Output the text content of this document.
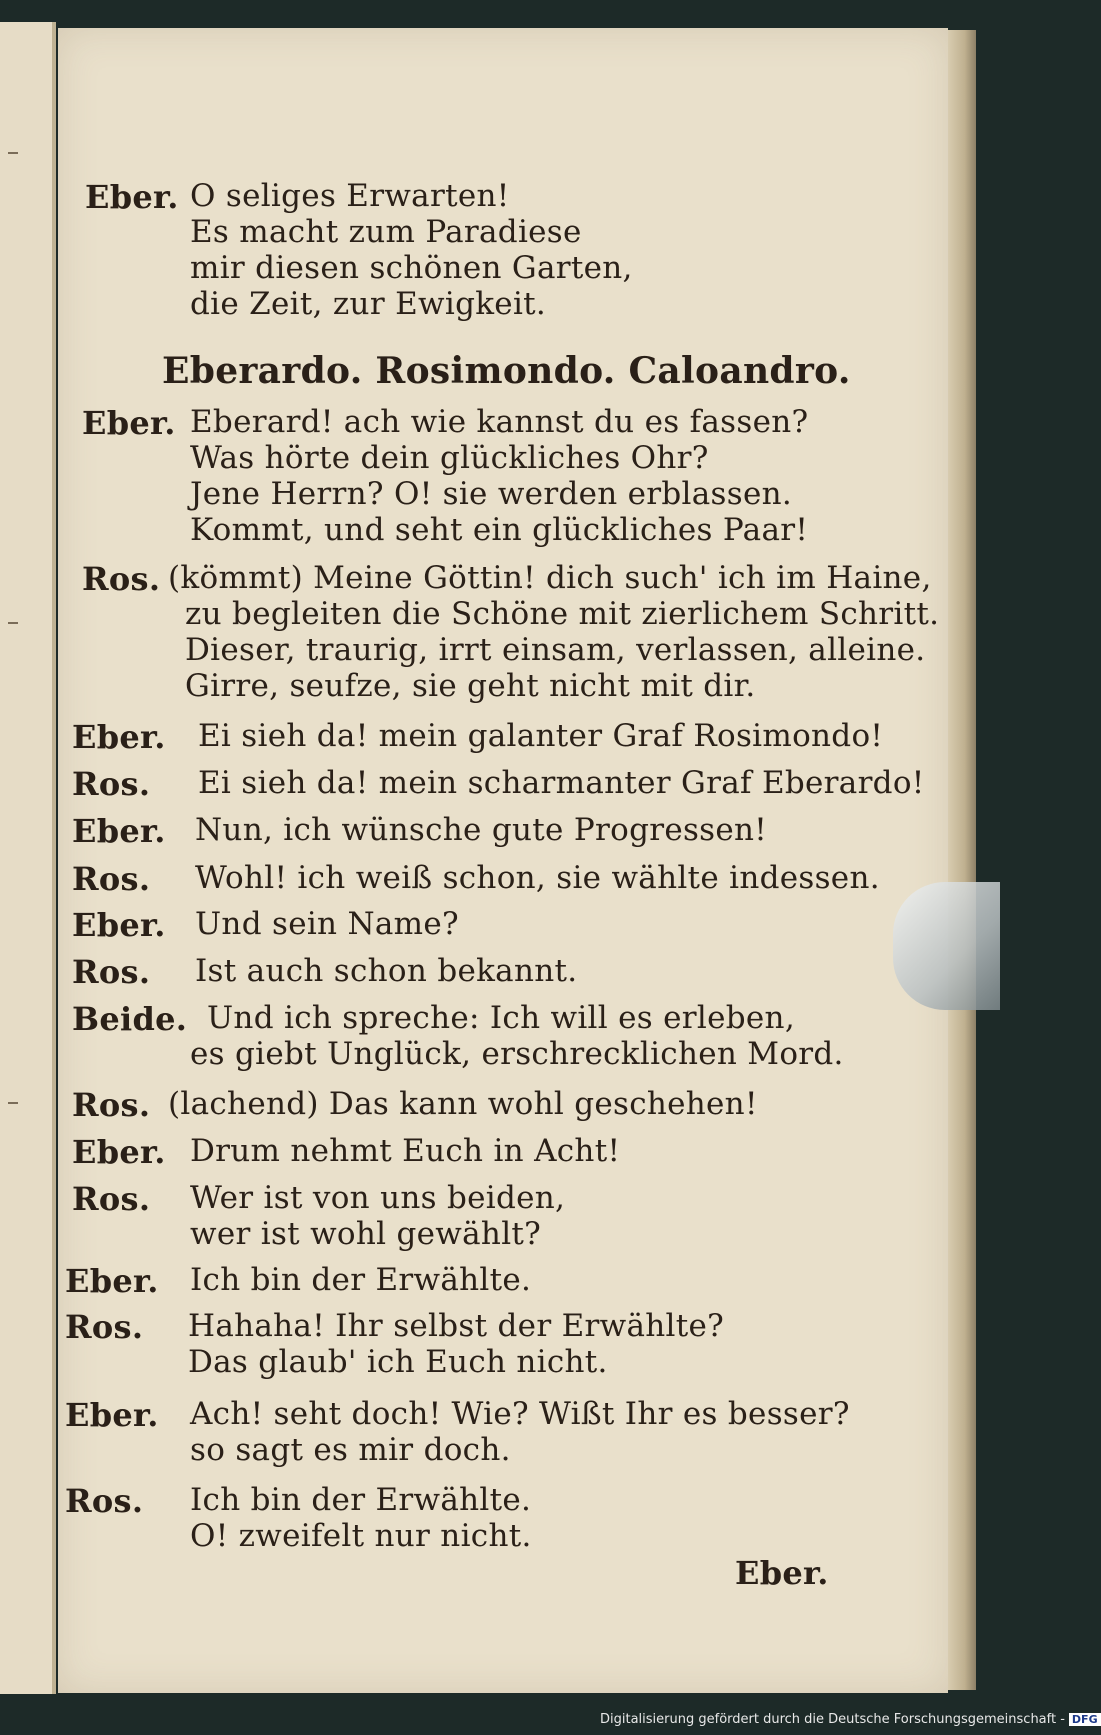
Eber. O seliges Erwarten!
Es macht zum Paradiese
mir diesen schönen Garten,
die Zeit, zur Ewigkeit.
Eberardo. Rosimondo. Caloandro.
Eber. Eberard! ach wie kannst du es fassen?
Was hörte dein glückliches Ohr?
Jene Herrn? O! sie werden erblassen.
Kommt, und seht ein glückliches Paar!
Ros. (kömmt) Meine Göttin! dich such' ich im Haine,
zu begleiten die Schöne mit zierlichem Schritt.
Dieser, traurig, irrt einsam, verlassen, alleine.
Girre, seufze, sie geht nicht mit dir.
Eber. Ei sieh da! mein galanter Graf Rosimondo!
Ros. Ei sieh da! mein scharmanter Graf Eberardo!
Eber. Nun, ich wünsche gute Progressen!
Ros. Wohl! ich weiß schon, sie wählte indessen.
Eber. Und sein Name?
Ros. Ist auch schon bekannt.
Beide. Und ich spreche: Ich will es erleben,
es giebt Unglück, erschrecklichen Mord.
Ros. (lachend) Das kann wohl geschehen!
Eber. Drum nehmt Euch in Acht!
Ros. Wer ist von uns beiden,
wer ist wohl gewählt?
Eber. Ich bin der Erwählte.
Ros. Hahaha! Ihr selbst der Erwählte?
Das glaub' ich Euch nicht.
Eber. Ach! seht doch! Wie? Wißt Ihr es besser?
so sagt es mir doch.
Ros. Ich bin der Erwählte.
O! zweifelt nur nicht.
Eber.
Digitalisierung gefördert durch die Deutsche Forschungsgemeinschaft - DFG
